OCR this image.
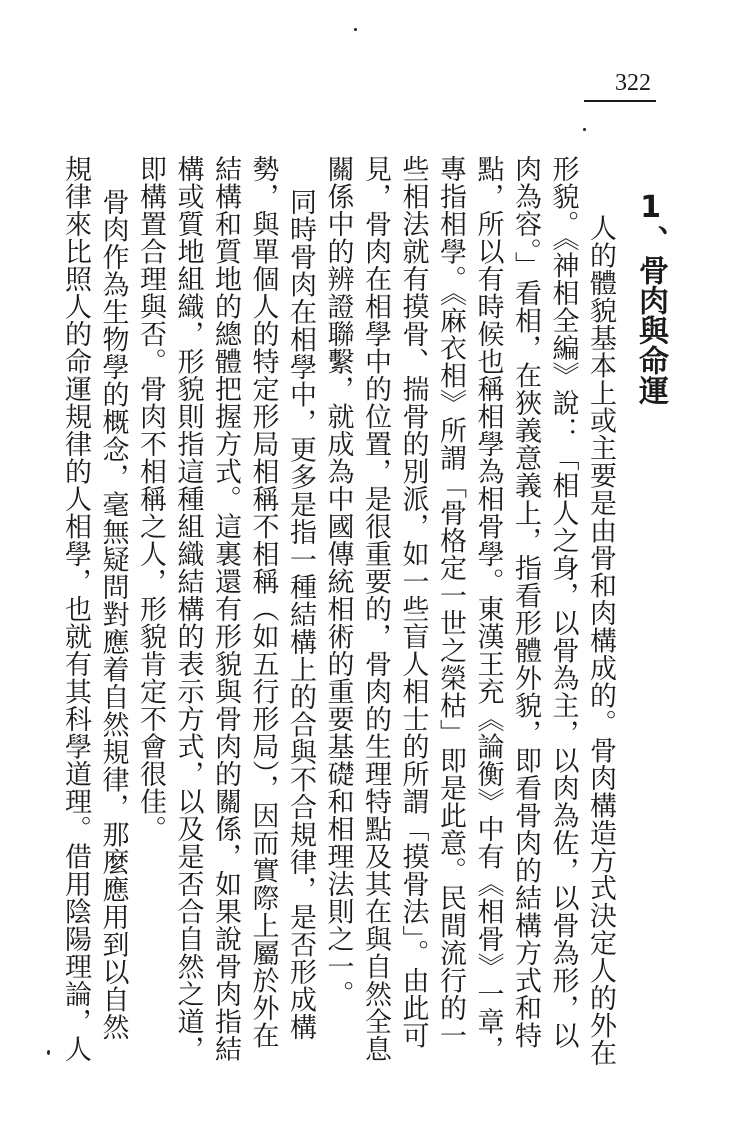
322
1、骨肉與命運
人的體貌基本上或主要是由骨和肉構成的。骨肉構造方式決定人的外在
形貌。《神相全編》說：「相人之身，以骨為主，以肉為佐，以骨為形，以
肉為容。」看相，在狹義意義上，指看形體外貌，即看骨肉的結構方式和特
點，所以有時候也稱相學為相骨學。東漢王充《論衡》中有《相骨》一章，
專指相學。《麻衣相》所謂「骨格定一世之榮枯」即是此意。民間流行的一
些相法就有摸骨、揣骨的別派，如一些盲人相士的所謂「摸骨法」。由此可
見，骨肉在相學中的位置，是很重要的，骨肉的生理特點及其在與自然全息
關係中的辨證聯繫，就成為中國傳統相術的重要基礎和相理法則之一。
同時骨肉在相學中，更多是指一種結構上的合與不合規律，是否形成構
勢，與單個人的特定形局相稱不相稱（如五行形局），因而實際上屬於外在
結構和質地的總體把握方式。這裏還有形貌與骨肉的關係，如果說骨肉指結
構或質地組織，形貌則指這種組織結構的表示方式，以及是否合自然之道，
即構置合理與否。骨肉不相稱之人，形貌肯定不會很佳。
骨肉作為生物學的概念，毫無疑問對應着自然規律，那麼應用到以自然
規律來比照人的命運規律的人相學，也就有其科學道理。借用陰陽理論，人
